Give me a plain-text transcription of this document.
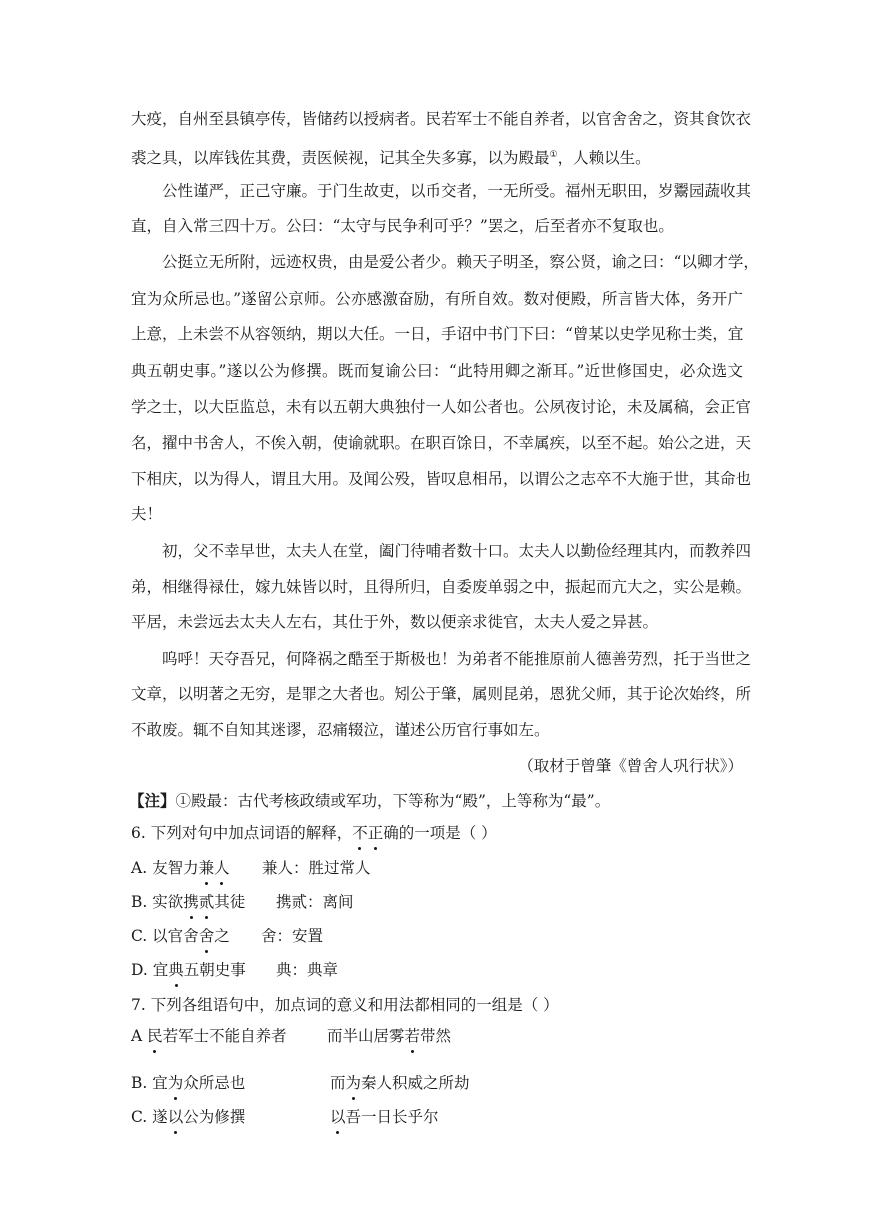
大疫，自州至县镇亭传，皆储药以授病者。民若军士不能自养者，以官舍舍之，资其食饮衣
裘之具，以库钱佐其费，责医候视，记其全失多寡，以为殿最①，人赖以生。
公性谨严，正己守廉。于门生故吏，以币交者，一无所受。福州无职田，岁鬻园蔬收其
直，自入常三四十万。公曰：“太守与民争利可乎？”罢之，后至者亦不复取也。
公挺立无所附，远迹权贵，由是爱公者少。赖天子明圣，察公贤，谕之曰：“以卿才学，
宜为众所忌也。”遂留公京师。公亦感激奋励，有所自效。数对便殿，所言皆大体，务开广
上意，上未尝不从容领纳，期以大任。一日，手诏中书门下曰：“曾某以史学见称士类，宜
典五朝史事。”遂以公为修撰。既而复谕公曰：“此特用卿之渐耳。”近世修国史，必众选文
学之士，以大臣监总，未有以五朝大典独付一人如公者也。公夙夜讨论，未及属稿，会正官
名，擢中书舍人，不俟入朝，使谕就职。在职百馀日，不幸属疾，以至不起。始公之进，天
下相庆，以为得人，谓且大用。及闻公殁，皆叹息相吊，以谓公之志卒不大施于世，其命也
夫！
初，父不幸早世，太夫人在堂，阖门待哺者数十口。太夫人以勤俭经理其内，而教养四
弟，相继得禄仕，嫁九妹皆以时，且得所归，自委废单弱之中，振起而亢大之，实公是赖。
平居，未尝远去太夫人左右，其仕于外，数以便亲求徙官，太夫人爱之异甚。
呜呼！天夺吾兄，何降祸之酷至于斯极也！为弟者不能推原前人德善劳烈，托于当世之
文章，以明著之无穷，是罪之大者也。矧公于肇，属则昆弟，恩犹父师，其于论次始终，所
不敢废。辄不自知其迷谬，忍痛辍泣，谨述公历官行事如左。
（取材于曾肇《曾舍人巩行状》）
【注】①殿最：古代考核政绩或军功，下等称为“殿”，上等称为“最”。
6. 下列对句中加点词语的解释，不正确的一项是（ ）
A. 友智力兼人 兼人：胜过常人
B. 实欲携贰其徒 携贰：离间
C. 以官舍舍之 舍：安置
D. 宜典五朝史事 典：典章
7. 下列各组语句中，加点词的意义和用法都相同的一组是（ ）
A 民若军士不能自养者	而半山居雾若带然
B. 宜为众所忌也	而为秦人积威之所劫
C. 遂以公为修撰	以吾一日长乎尔
